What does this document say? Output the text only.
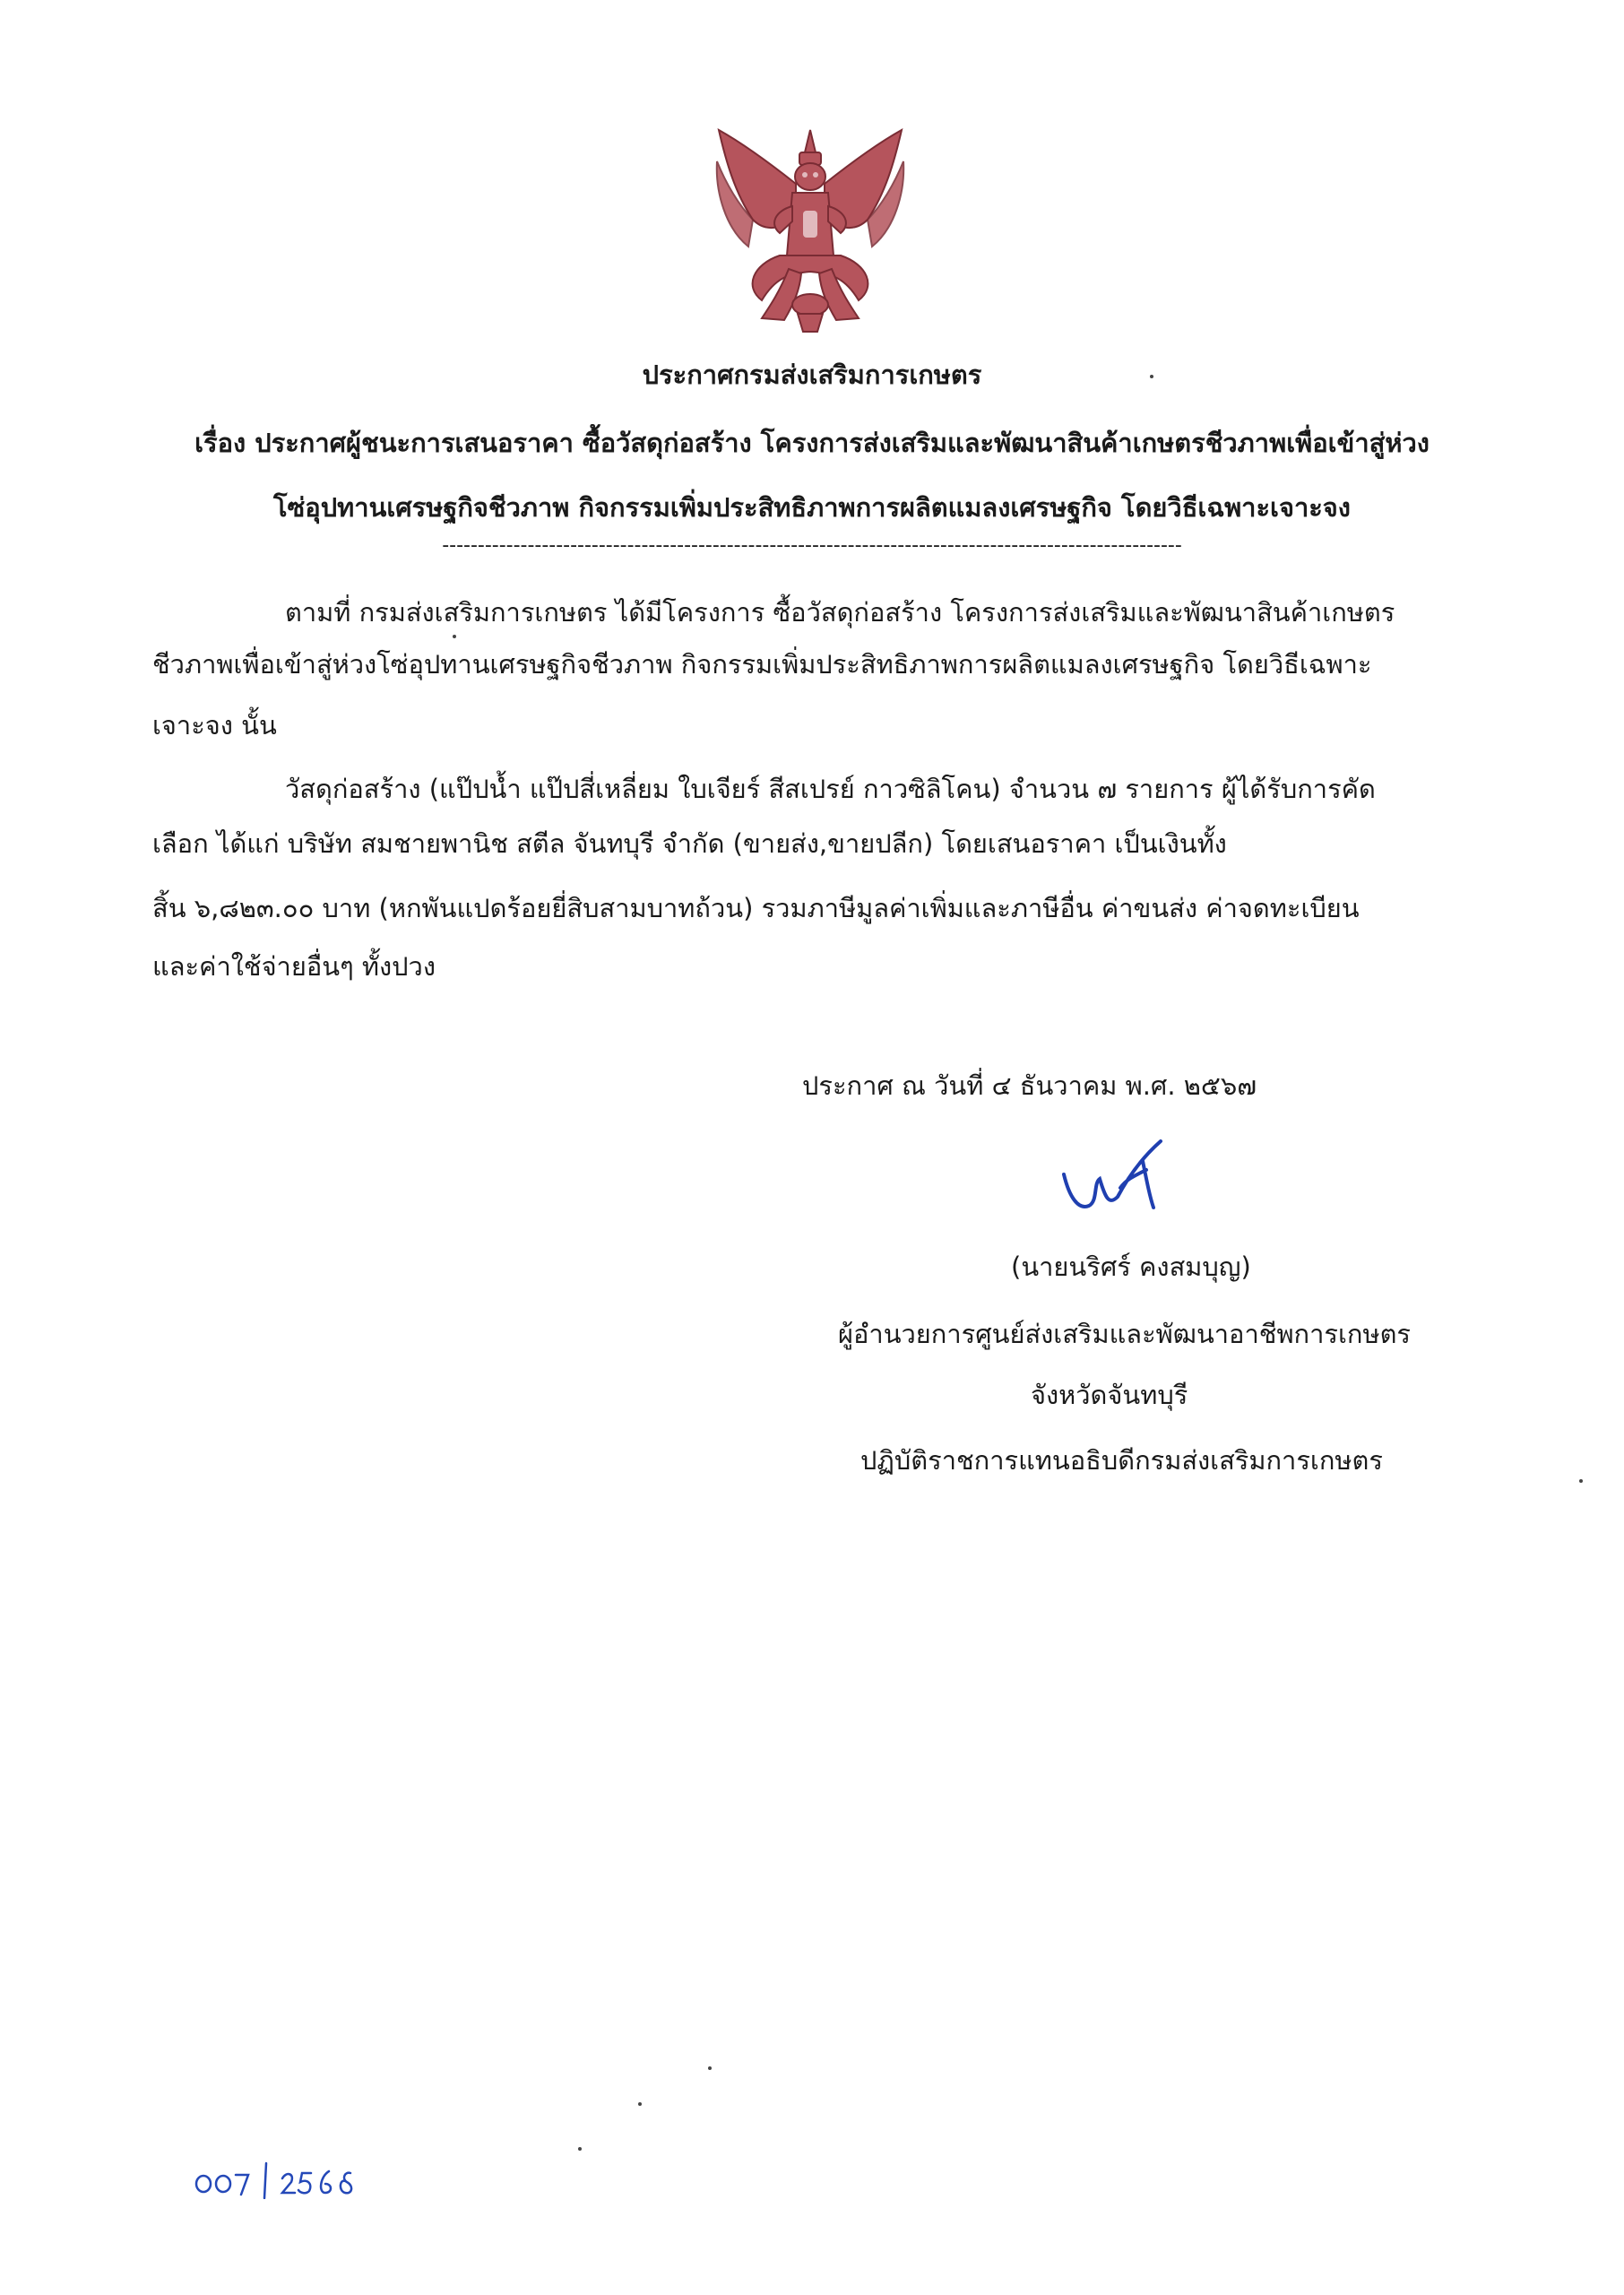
ประกาศกรมส่งเสริมการเกษตร
เรื่อง ประกาศผู้ชนะการเสนอราคา ซื้อวัสดุก่อสร้าง โครงการส่งเสริมและพัฒนาสินค้าเกษตรชีวภาพเพื่อเข้าสู่ห่วง
โซ่อุปทานเศรษฐกิจชีวภาพ กิจกรรมเพิ่มประสิทธิภาพการผลิตแมลงเศรษฐกิจ โดยวิธีเฉพาะเจาะจง
--------------------------------------------------------------------------------------------------------
ตามที่ กรมส่งเสริมการเกษตร ได้มีโครงการ ซื้อวัสดุก่อสร้าง โครงการส่งเสริมและพัฒนาสินค้าเกษตร
ชีวภาพเพื่อเข้าสู่ห่วงโซ่อุปทานเศรษฐกิจชีวภาพ กิจกรรมเพิ่มประสิทธิภาพการผลิตแมลงเศรษฐกิจ โดยวิธีเฉพาะ
เจาะจง นั้น
วัสดุก่อสร้าง (แป๊ปน้ำ แป๊ปสี่เหลี่ยม ใบเจียร์ สีสเปรย์ กาวซิลิโคน) จำนวน ๗ รายการ ผู้ได้รับการคัด
เลือก ได้แก่ บริษัท สมชายพานิช สตีล จันทบุรี จำกัด (ขายส่ง,ขายปลีก) โดยเสนอราคา เป็นเงินทั้ง
สิ้น ๖,๘๒๓.๐๐ บาท (หกพันแปดร้อยยี่สิบสามบาทถ้วน) รวมภาษีมูลค่าเพิ่มและภาษีอื่น ค่าขนส่ง ค่าจดทะเบียน
และค่าใช้จ่ายอื่นๆ ทั้งปวง
ประกาศ ณ วันที่ ๔ ธันวาคม พ.ศ. ๒๕๖๗
(นายนริศร์ คงสมบุญ)
ผู้อำนวยการศูนย์ส่งเสริมและพัฒนาอาชีพการเกษตร
จังหวัดจันทบุรี
ปฏิบัติราชการแทนอธิบดีกรมส่งเสริมการเกษตร
